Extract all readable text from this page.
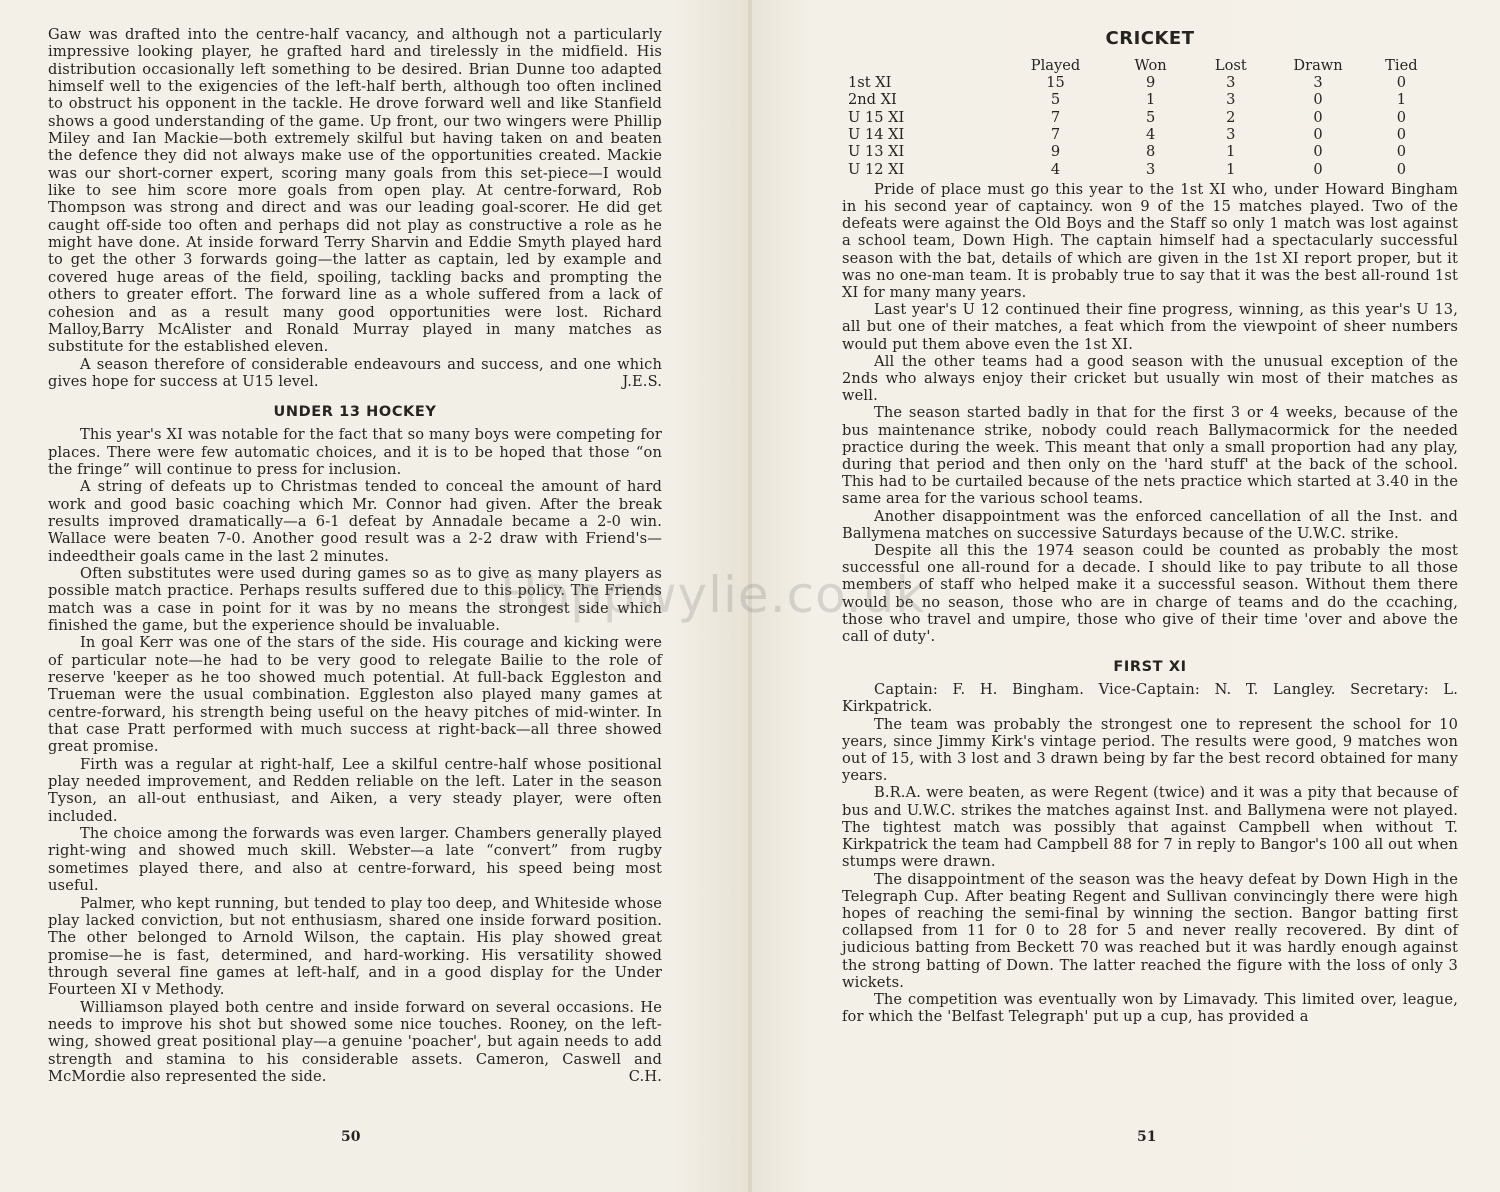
Gaw was drafted into the centre-half vacancy, and although not a particularly impressive looking player, he grafted hard and tirelessly in the midfield. His distribution occasionally left something to be desired. Brian Dunne too adapted himself well to the exigencies of the left-half berth, although too often inclined to obstruct his opponent in the tackle. He drove forward well and like Stanfield shows a good understanding of the game. Up front, our two wingers were Phillip Miley and Ian Mackie—both extremely skilful but having taken on and beaten the defence they did not always make use of the opportunities created. Mackie was our short-corner expert, scoring many goals from this set-piece—I would like to see him score more goals from open play. At centre-forward, Rob Thompson was strong and direct and was our leading goal-scorer. He did get caught off-side too often and perhaps did not play as constructive a role as he might have done. At inside forward Terry Sharvin and Eddie Smyth played hard to get the other 3 forwards going—the latter as captain, led by example and covered huge areas of the field, spoiling, tackling backs and prompting the others to greater effort. The forward line as a whole suffered from a lack of cohesion and as a result many good opportunities were lost. Richard Malloy,Barry McAlister and Ronald Murray played in many matches as substitute for the established eleven.

A season therefore of considerable endeavours and success, and one which gives hope for success at U15 level.	J.E.S.

UNDER 13 HOCKEY

This year's XI was notable for the fact that so many boys were competing for places. There were few automatic choices, and it is to be hoped that those “on the fringe” will continue to press for inclusion.

A string of defeats up to Christmas tended to conceal the amount of hard work and good basic coaching which Mr. Connor had given. After the break results improved dramatically—a 6-1 defeat by Annadale became a 2-0 win. Wallace were beaten 7-0. Another good result was a 2-2 draw with Friend's—indeedtheir goals came in the last 2 minutes.

Often substitutes were used during games so as to give as many players as possible match practice. Perhaps results suffered due to this policy. The Friends match was a case in point for it was by no means the strongest side which finished the game, but the experience should be invaluable.

In goal Kerr was one of the stars of the side. His courage and kicking were of particular note—he had to be very good to relegate Bailie to the role of reserve 'keeper as he too showed much potential. At full-back Eggleston and Trueman were the usual combination. Eggleston also played many games at centre-forward, his strength being useful on the heavy pitches of mid-winter. In that case Pratt performed with much success at right-back—all three showed great promise.

Firth was a regular at right-half, Lee a skilful centre-half whose positional play needed improvement, and Redden reliable on the left. Later in the season Tyson, an all-out enthusiast, and Aiken, a very steady player, were often included.

The choice among the forwards was even larger. Chambers generally played right-wing and showed much skill. Webster—a late “convert” from rugby sometimes played there, and also at centre-forward, his speed being most useful.

Palmer, who kept running, but tended to play too deep, and Whiteside whose play lacked conviction, but not enthusiasm, shared one inside forward position. The other belonged to Arnold Wilson, the captain. His play showed great promise—he is fast, determined, and hard-working. His versatility showed through several fine games at left-half, and in a good display for the Under Fourteen XI v Methody.

Williamson played both centre and inside forward on several occasions. He needs to improve his shot but showed some nice touches. Rooney, on the left-wing, showed great positional play—a genuine 'poacher', but again needs to add strength and stamina to his considerable assets. Cameron, Caswell and McMordie also represented the side.	C.H.

50
CRICKET
	Played	Won	Lost	Drawn	Tied
1st XI	15	9	3	3	0
2nd XI	5	1	3	0	1
U 15 XI	7	5	2	0	0
U 14 XI	7	4	3	0	0
U 13 XI	9	8	1	0	0
U 12 XI	4	3	1	0	0

Pride of place must go this year to the 1st XI who, under Howard Bingham in his second year of captaincy. won 9 of the 15 matches played. Two of the defeats were against the Old Boys and the Staff so only 1 match was lost against a school team, Down High. The captain himself had a spectacularly successful season with the bat, details of which are given in the 1st XI report proper, but it was no one-man team. It is probably true to say that it was the best all-round 1st XI for many many years.

Last year's U 12 continued their fine progress, winning, as this year's U 13, all but one of their matches, a feat which from the viewpoint of sheer numbers would put them above even the 1st XI.

All the other teams had a good season with the unusual exception of the 2nds who always enjoy their cricket but usually win most of their matches as well.

The season started badly in that for the first 3 or 4 weeks, because of the bus maintenance strike, nobody could reach Ballymacormick for the needed practice during the week. This meant that only a small proportion had any play, during that period and then only on the 'hard stuff' at the back of the school. This had to be curtailed because of the nets practice which started at 3.40 in the same area for the various school teams.

Another disappointment was the enforced cancellation of all the Inst. and Ballymena matches on successive Saturdays because of the U.W.C. strike.

Despite all this the 1974 season could be counted as probably the most successful one all-round for a decade. I should like to pay tribute to all those members of staff who helped make it a successful season. Without them there would be no season, those who are in charge of teams and do the ccaching, those who travel and umpire, those who give of their time 'over and above the call of duty'.

FIRST XI

Captain: F. H. Bingham. Vice-Captain: N. T. Langley. Secretary: L. Kirkpatrick.

The team was probably the strongest one to represent the school for 10 years, since Jimmy Kirk's vintage period. The results were good, 9 matches won out of 15, with 3 lost and 3 drawn being by far the best record obtained for many years.

B.R.A. were beaten, as were Regent (twice) and it was a pity that because of bus and U.W.C. strikes the matches against Inst. and Ballymena were not played. The tightest match was possibly that against Campbell when without T. Kirkpatrick the team had Campbell 88 for 7 in reply to Bangor's 100 all out when stumps were drawn.

The disappointment of the season was the heavy defeat by Down High in the Telegraph Cup. After beating Regent and Sullivan convincingly there were high hopes of reaching the semi-final by winning the section. Bangor batting first collapsed from 11 for 0 to 28 for 5 and never really recovered. By dint of judicious batting from Beckett 70 was reached but it was hardly enough against the strong batting of Down. The latter reached the figure with the loss of only 3 wickets.

The competition was eventually won by Limavady. This limited over, league, for which the 'Belfast Telegraph' put up a cup, has provided a

51
Hoppwylie.co.uk
